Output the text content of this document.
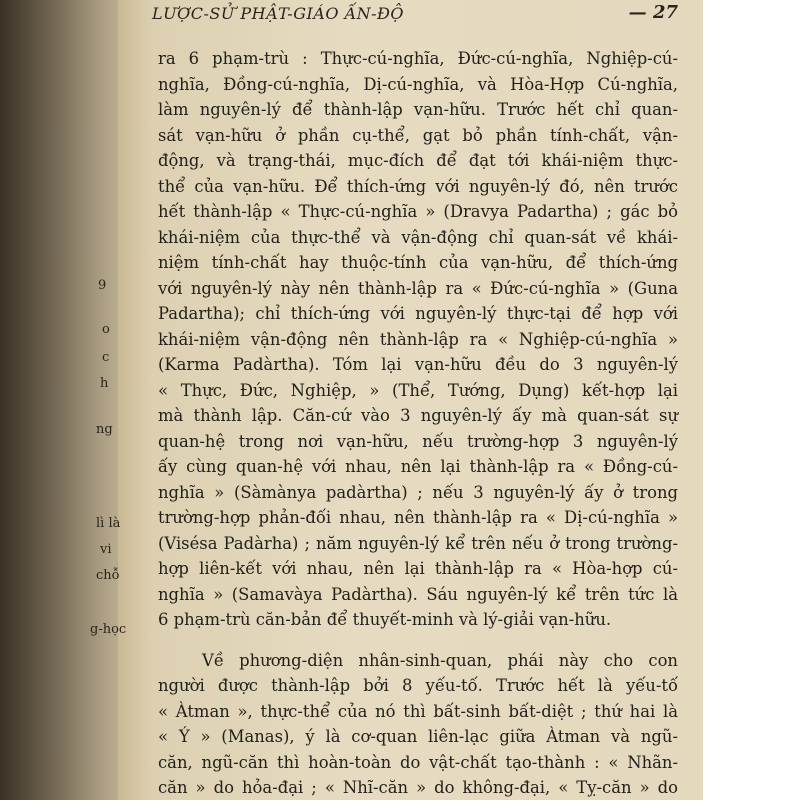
LƯỢC-SỬ PHẬT-GIÁO ẤN-ĐỘ	— 27
ra 6 phạm-trù : Thực-cú-nghĩa, Đức-cú-nghĩa, Nghiệp-cú-
nghĩa, Đồng-cú-nghĩa, Dị-cú-nghĩa, và Hòa-Hợp Cú-nghĩa,
làm nguyên-lý để thành-lập vạn-hữu. Trước hết chỉ quan-
sát vạn-hữu ở phần cụ-thể, gạt bỏ phần tính-chất, vận-
động, và trạng-thái, mục-đích để đạt tới khái-niệm thực-
thể của vạn-hữu. Để thích-ứng với nguyên-lý đó, nên trước
hết thành-lập « Thực-cú-nghĩa » (Dravya Padartha) ; gác bỏ
khái-niệm của thực-thể và vận-động chỉ quan-sát về khái-
niệm tính-chất hay thuộc-tính của vạn-hữu, để thích-ứng
với nguyên-lý này nên thành-lập ra « Đức-cú-nghĩa » (Guna
Padartha); chỉ thích-ứng với nguyên-lý thực-tại để hợp với
khái-niệm vận-động nên thành-lập ra « Nghiệp-cú-nghĩa »
(Karma Padàrtha). Tóm lại vạn-hữu đều do 3 nguyên-lý
« Thực, Đức, Nghiệp, » (Thể, Tướng, Dụng) kết-hợp lại
mà thành lập. Căn-cứ vào 3 nguyên-lý ấy mà quan-sát sự
quan-hệ trong nơi vạn-hữu, nếu trường-hợp 3 nguyên-lý
ấy cùng quan-hệ với nhau, nên lại thành-lập ra « Đồng-cú-
nghĩa » (Sàmànya padàrtha) ; nếu 3 nguyên-lý ấy ở trong
trường-hợp phản-đối nhau, nên thành-lập ra « Dị-cú-nghĩa »
(Visésa Padàrha) ; năm nguyên-lý kể trên nếu ở trong trường-
hợp liên-kết với nhau, nên lại thành-lập ra « Hòa-hợp cú-
nghĩa » (Samavàya Padàrtha). Sáu nguyên-lý kể trên tức là
6 phạm-trù căn-bản để thuyết-minh và lý-giải vạn-hữu.
Về phương-diện nhân-sinh-quan, phái này cho con
người được thành-lập bởi 8 yếu-tố. Trước hết là yếu-tố
« Àtman », thực-thể của nó thì bất-sinh bất-diệt ; thứ hai là
« Ý » (Manas), ý là cơ-quan liên-lạc giữa Àtman và ngũ-
căn, ngũ-căn thì hoàn-toàn do vật-chất tạo-thành : « Nhãn-
căn » do hỏa-đại ; « Nhĩ-căn » do không-đại, « Tỵ-căn » do
9
o
c
h
ng
lì là
vi
chỗ
g-học
